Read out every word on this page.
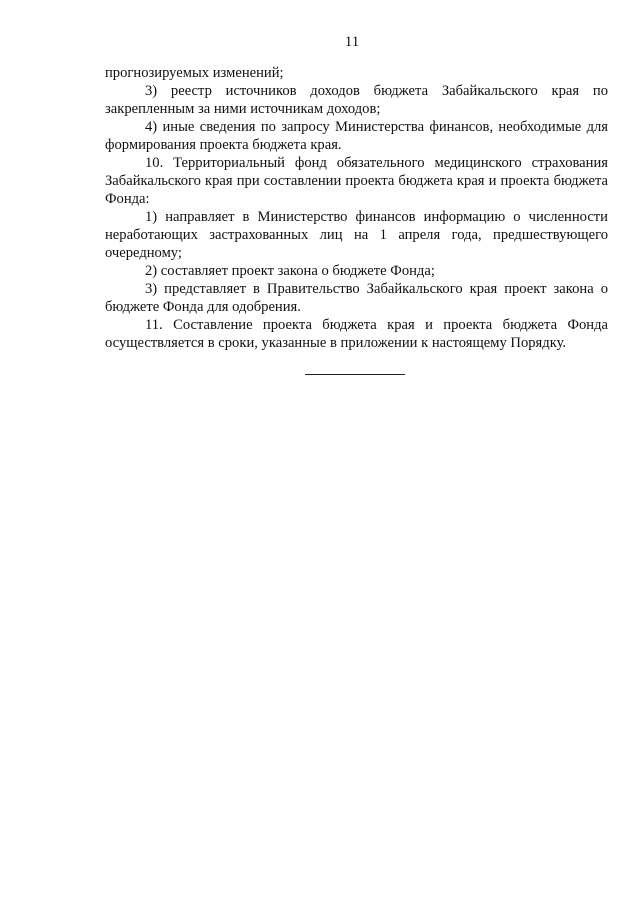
11

прогнозируемых изменений;

3) реестр источников доходов бюджета Забайкальского края по закрепленным за ними источникам доходов;

4) иные сведения по запросу Министерства финансов, необходимые для формирования проекта бюджета края.

10. Территориальный фонд обязательного медицинского страхования Забайкальского края при составлении проекта бюджета края и проекта бюджета Фонда:

1) направляет в Министерство финансов информацию о численности неработающих застрахованных лиц на 1 апреля года, предшествующего очередному;

2) составляет проект закона о бюджете Фонда;

3) представляет в Правительство Забайкальского края проект закона о бюджете Фонда для одобрения.

11. Составление проекта бюджета края и проекта бюджета Фонда осуществляется в сроки, указанные в приложении к настоящему Порядку.
